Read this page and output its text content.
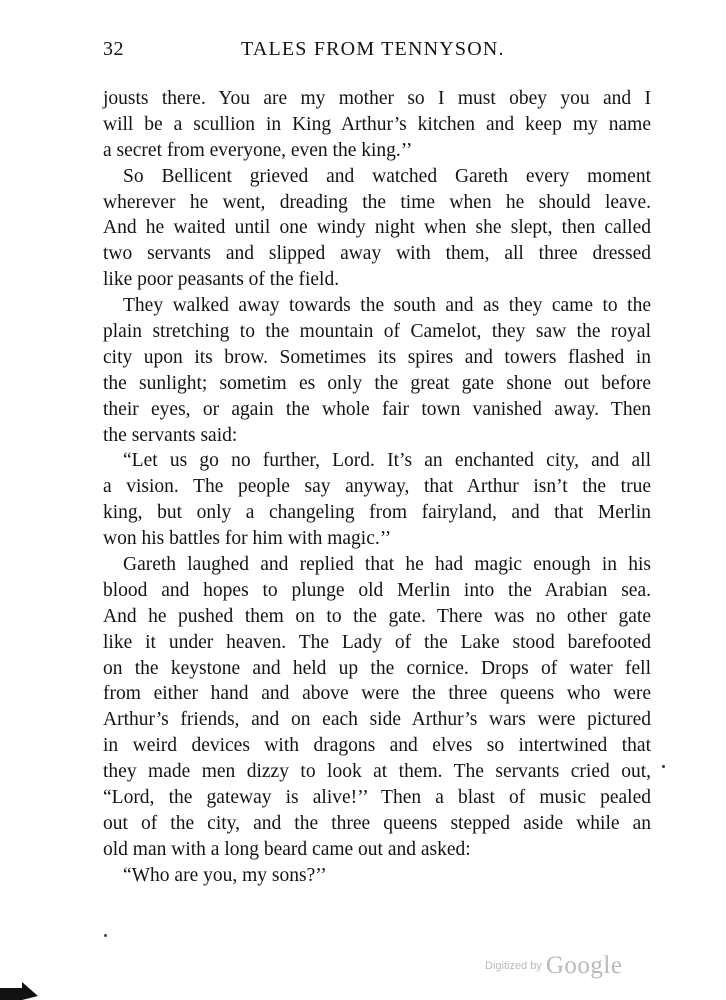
32	TALES FROM TENNYSON.
jousts there. You are my mother so I must obey you and I
will be a scullion in King Arthur’s kitchen and keep my name
a secret from everyone, even the king.’’
So Bellicent grieved and watched Gareth every moment
wherever he went, dreading the time when he should leave.
And he waited until one windy night when she slept, then called
two servants and slipped away with them, all three dressed
like poor peasants of the field.
They walked away towards the south and as they came to the
plain stretching to the mountain of Camelot, they saw the royal
city upon its brow. Sometimes its spires and towers flashed in
the sunlight; sometim es only the great gate shone out before
their eyes, or again the whole fair town vanished away. Then
the servants said:
“Let us go no further, Lord. It’s an enchanted city, and all
a vision. The people say anyway, that Arthur isn’t the true
king, but only a changeling from fairyland, and that Merlin
won his battles for him with magic.’’
Gareth laughed and replied that he had magic enough in his
blood and hopes to plunge old Merlin into the Arabian sea.
And he pushed them on to the gate. There was no other gate
like it under heaven. The Lady of the Lake stood barefooted
on the keystone and held up the cornice. Drops of water fell
from either hand and above were the three queens who were
Arthur’s friends, and on each side Arthur’s wars were pictured
in weird devices with dragons and elves so intertwined that
they made men dizzy to look at them. The servants cried out,
“Lord, the gateway is alive!’’ Then a blast of music pealed
out of the city, and the three queens stepped aside while an
old man with a long beard came out and asked:
“Who are you, my sons?’’
Digitized by Google
